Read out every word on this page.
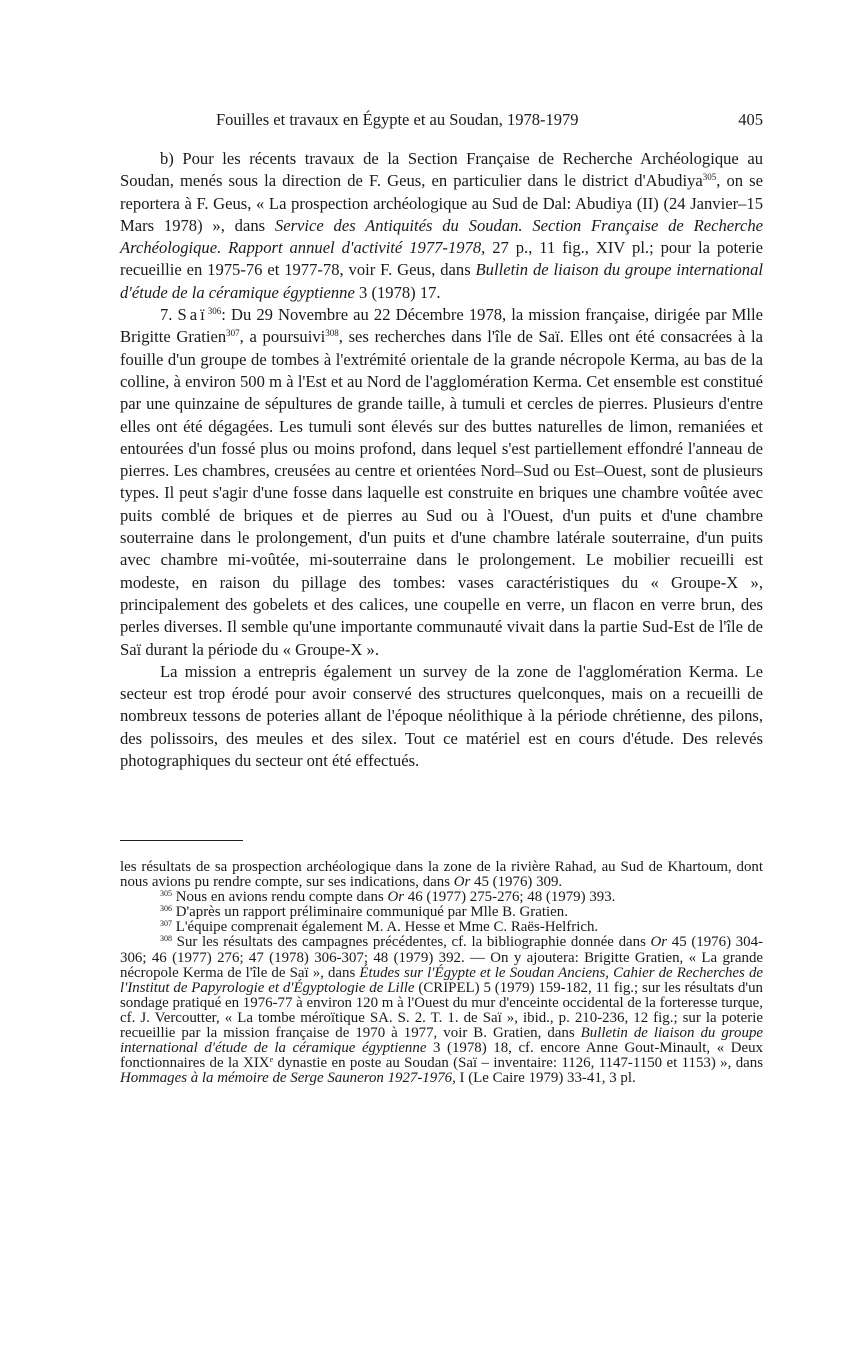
Fouilles et travaux en Égypte et au Soudan, 1978-1979	405

b) Pour les récents travaux de la Section Française de Recherche Archéologique au Soudan, menés sous la direction de F. Geus, en particulier dans le district d'Abudiya$^{305}$, on se reportera à F. Geus, « La prospection archéologique au Sud de Dal: Abudiya (II) (24 Janvier–15 Mars 1978) », dans Service des Antiquités du Soudan. Section Française de Recherche Archéologique. Rapport annuel d'activité 1977-1978, 27 p., 11 fig., XIV pl.; pour la poterie recueillie en 1975-76 et 1977-78, voir F. Geus, dans Bulletin de liaison du groupe international d'étude de la céramique égyptienne 3 (1978) 17.

7. Saï$^{306}$: Du 29 Novembre au 22 Décembre 1978, la mission française, dirigée par Mlle Brigitte Gratien$^{307}$, a poursuivi$^{308}$, ses recherches dans l'île de Saï. Elles ont été consacrées à la fouille d'un groupe de tombes à l'extrémité orientale de la grande nécropole Kerma, au bas de la colline, à environ 500 m à l'Est et au Nord de l'agglomération Kerma. Cet ensemble est constitué par une quinzaine de sépultures de grande taille, à tumuli et cercles de pierres. Plusieurs d'entre elles ont été dégagées. Les tumuli sont élevés sur des buttes naturelles de limon, remaniées et entourées d'un fossé plus ou moins profond, dans lequel s'est partiellement effondré l'anneau de pierres. Les chambres, creusées au centre et orientées Nord–Sud ou Est–Ouest, sont de plusieurs types. Il peut s'agir d'une fosse dans laquelle est construite en briques une chambre voûtée avec puits comblé de briques et de pierres au Sud ou à l'Ouest, d'un puits et d'une chambre souterraine dans le prolongement, d'un puits et d'une chambre latérale souterraine, d'un puits avec chambre mi-voûtée, mi-souterraine dans le prolongement. Le mobilier recueilli est modeste, en raison du pillage des tombes: vases caractéristiques du « Groupe-X », principalement des gobelets et des calices, une coupelle en verre, un flacon en verre brun, des perles diverses. Il semble qu'une importante communauté vivait dans la partie Sud-Est de l'île de Saï durant la période du « Groupe-X ».

La mission a entrepris également un survey de la zone de l'agglomération Kerma. Le secteur est trop érodé pour avoir conservé des structures quelconques, mais on a recueilli de nombreux tessons de poteries allant de l'époque néolithique à la période chrétienne, des pilons, des polissoirs, des meules et des silex. Tout ce matériel est en cours d'étude. Des relevés photographiques du secteur ont été effectués.

les résultats de sa prospection archéologique dans la zone de la rivière Rahad, au Sud de Khartoum, dont nous avions pu rendre compte, sur ses indications, dans Or 45 (1976) 309.

$^{305}$ Nous en avions rendu compte dans Or 46 (1977) 275-276; 48 (1979) 393.

$^{306}$ D'après un rapport préliminaire communiqué par Mlle B. Gratien.

$^{307}$ L'équipe comprenait également M. A. Hesse et Mme C. Raës-Helfrich.

$^{308}$ Sur les résultats des campagnes précédentes, cf. la bibliographie donnée dans Or 45 (1976) 304-306; 46 (1977) 276; 47 (1978) 306-307; 48 (1979) 392. — On y ajoutera: Brigitte Gratien, « La grande nécropole Kerma de l'île de Saï », dans Études sur l'Égypte et le Soudan Anciens, Cahier de Recherches de l'Institut de Papyrologie et d'Égyptologie de Lille (CRIPEL) 5 (1979) 159-182, 11 fig.; sur les résultats d'un sondage pratiqué en 1976-77 à environ 120 m à l'Ouest du mur d'enceinte occidental de la forteresse turque, cf. J. Vercoutter, « La tombe méroïtique SA. S. 2. T. 1. de Saï », ibid., p. 210-236, 12 fig.; sur la poterie recueillie par la mission française de 1970 à 1977, voir B. Gratien, dans Bulletin de liaison du groupe international d'étude de la céramique égyptienne 3 (1978) 18, cf. encore Anne Gout-Minault, « Deux fonctionnaires de la XIXe dynastie en poste au Soudan (Saï – inventaire: 1126, 1147-1150 et 1153) », dans Hommages à la mémoire de Serge Sauneron 1927-1976, I (Le Caire 1979) 33-41, 3 pl.
